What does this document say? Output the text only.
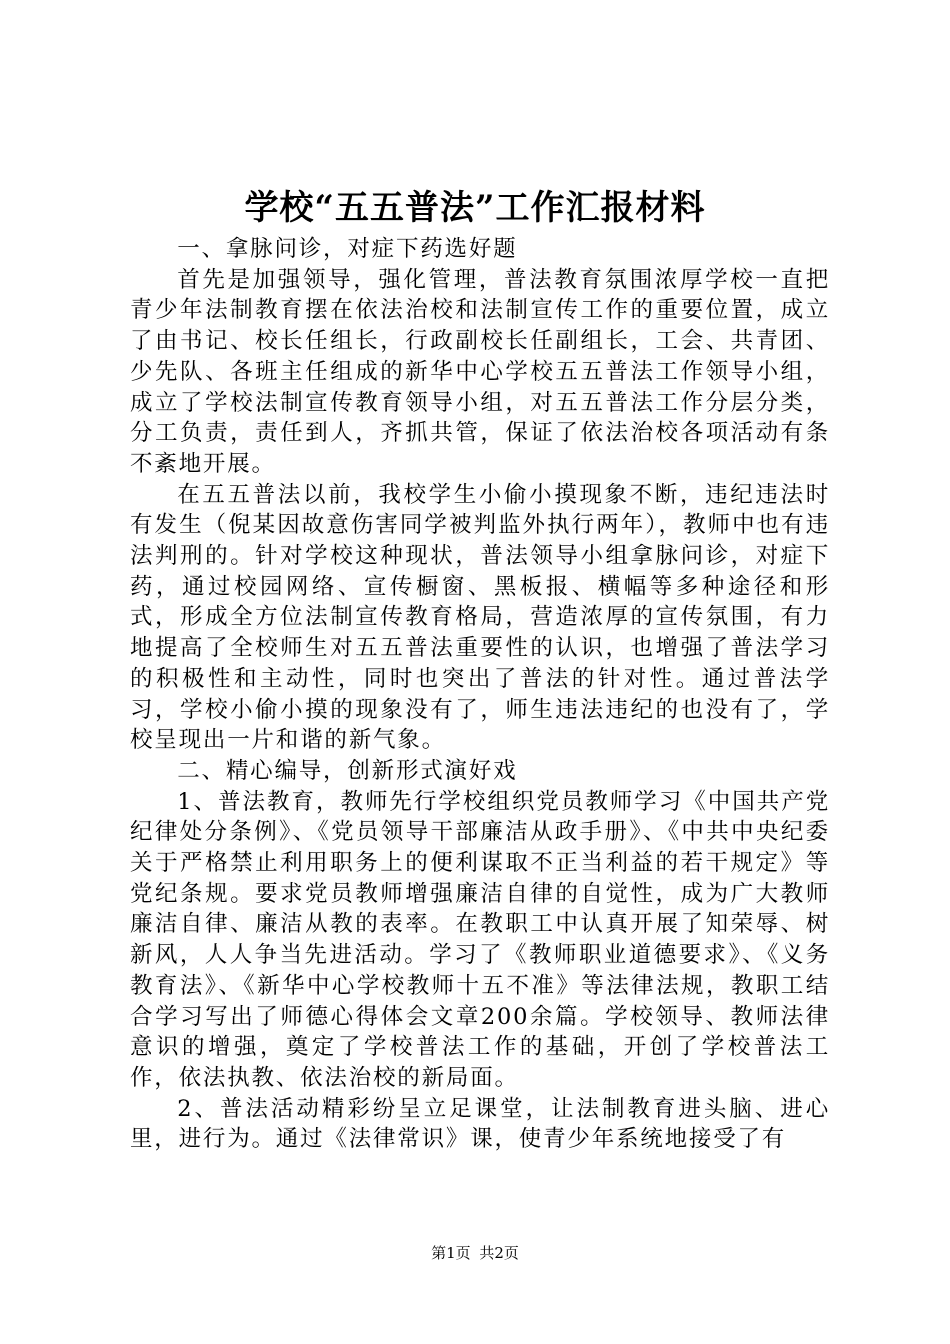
学校“五五普法”工作汇报材料

一、拿脉问诊，对症下药选好题

首先是加强领导，强化管理，普法教育氛围浓厚学校一直把青少年法制教育摆在依法治校和法制宣传工作的重要位置，成立了由书记、校长任组长，行政副校长任副组长，工会、共青团、少先队、各班主任组成的新华中心学校五五普法工作领导小组，成立了学校法制宣传教育领导小组，对五五普法工作分层分类，分工负责，责任到人，齐抓共管，保证了依法治校各项活动有条不紊地开展。

在五五普法以前，我校学生小偷小摸现象不断，违纪违法时有发生（倪某因故意伤害同学被判监外执行两年），教师中也有违法判刑的。针对学校这种现状，普法领导小组拿脉问诊，对症下药，通过校园网络、宣传橱窗、黑板报、横幅等多种途径和形式，形成全方位法制宣传教育格局，营造浓厚的宣传氛围，有力地提高了全校师生对五五普法重要性的认识，也增强了普法学习的积极性和主动性，同时也突出了普法的针对性。通过普法学习，学校小偷小摸的现象没有了，师生违法违纪的也没有了，学校呈现出一片和谐的新气象。

二、精心编导，创新形式演好戏

1、普法教育，教师先行学校组织党员教师学习《中国共产党纪律处分条例》、《党员领导干部廉洁从政手册》、《中共中央纪委关于严格禁止利用职务上的便利谋取不正当利益的若干规定》等党纪条规。要求党员教师增强廉洁自律的自觉性，成为广大教师廉洁自律、廉洁从教的表率。在教职工中认真开展了知荣辱、树新风，人人争当先进活动。学习了《教师职业道德要求》、《义务教育法》、《新华中心学校教师十五不准》等法律法规，教职工结合学习写出了师德心得体会文章200余篇。学校领导、教师法律意识的增强，奠定了学校普法工作的基础，开创了学校普法工作，依法执教、依法治校的新局面。

2、普法活动精彩纷呈立足课堂，让法制教育进头脑、进心里，进行为。通过《法律常识》课，使青少年系统地接受了有

第1页 共2页
